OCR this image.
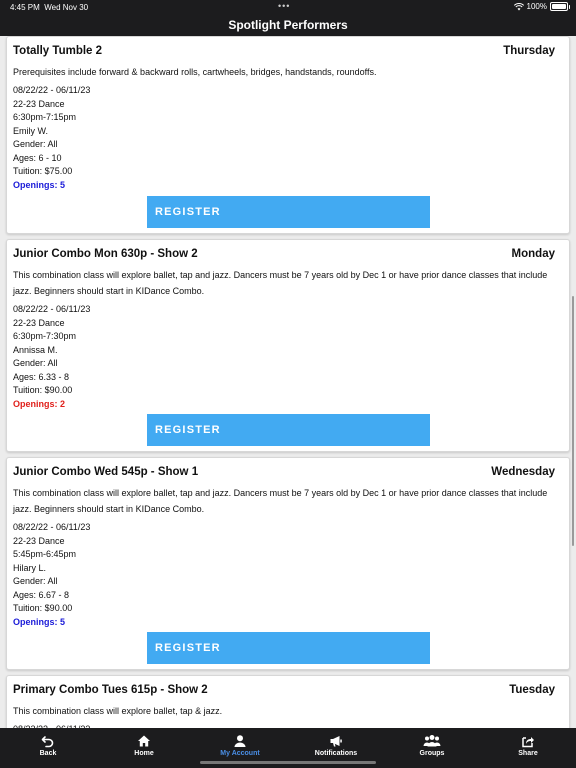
4:45 PM Wed Nov 30	•••	100%
Spotlight Performers
Totally Tumble 2	Thursday
Prerequisites include forward & backward rolls, cartwheels, bridges, handstands, roundoffs.
08/22/22 - 06/11/23
22-23 Dance
6:30pm-7:15pm
Emily W.
Gender: All
Ages: 6 - 10
Tuition: $75.00
Openings: 5
REGISTER
Junior Combo Mon 630p - Show 2	Monday
This combination class will explore ballet, tap and jazz. Dancers must be 7 years old by Dec 1 or have prior dance classes that include jazz. Beginners should start in KIDance Combo.
08/22/22 - 06/11/23
22-23 Dance
6:30pm-7:30pm
Annissa M.
Gender: All
Ages: 6.33 - 8
Tuition: $90.00
Openings: 2
REGISTER
Junior Combo Wed 545p - Show 1	Wednesday
This combination class will explore ballet, tap and jazz. Dancers must be 7 years old by Dec 1 or have prior dance classes that include jazz. Beginners should start in KIDance Combo.
08/22/22 - 06/11/23
22-23 Dance
5:45pm-6:45pm
Hilary L.
Gender: All
Ages: 6.67 - 8
Tuition: $90.00
Openings: 5
REGISTER
Primary Combo Tues 615p - Show 2	Tuesday
This combination class will explore ballet, tap & jazz.
Back	Home	My Account	Notifications	Groups	Share
